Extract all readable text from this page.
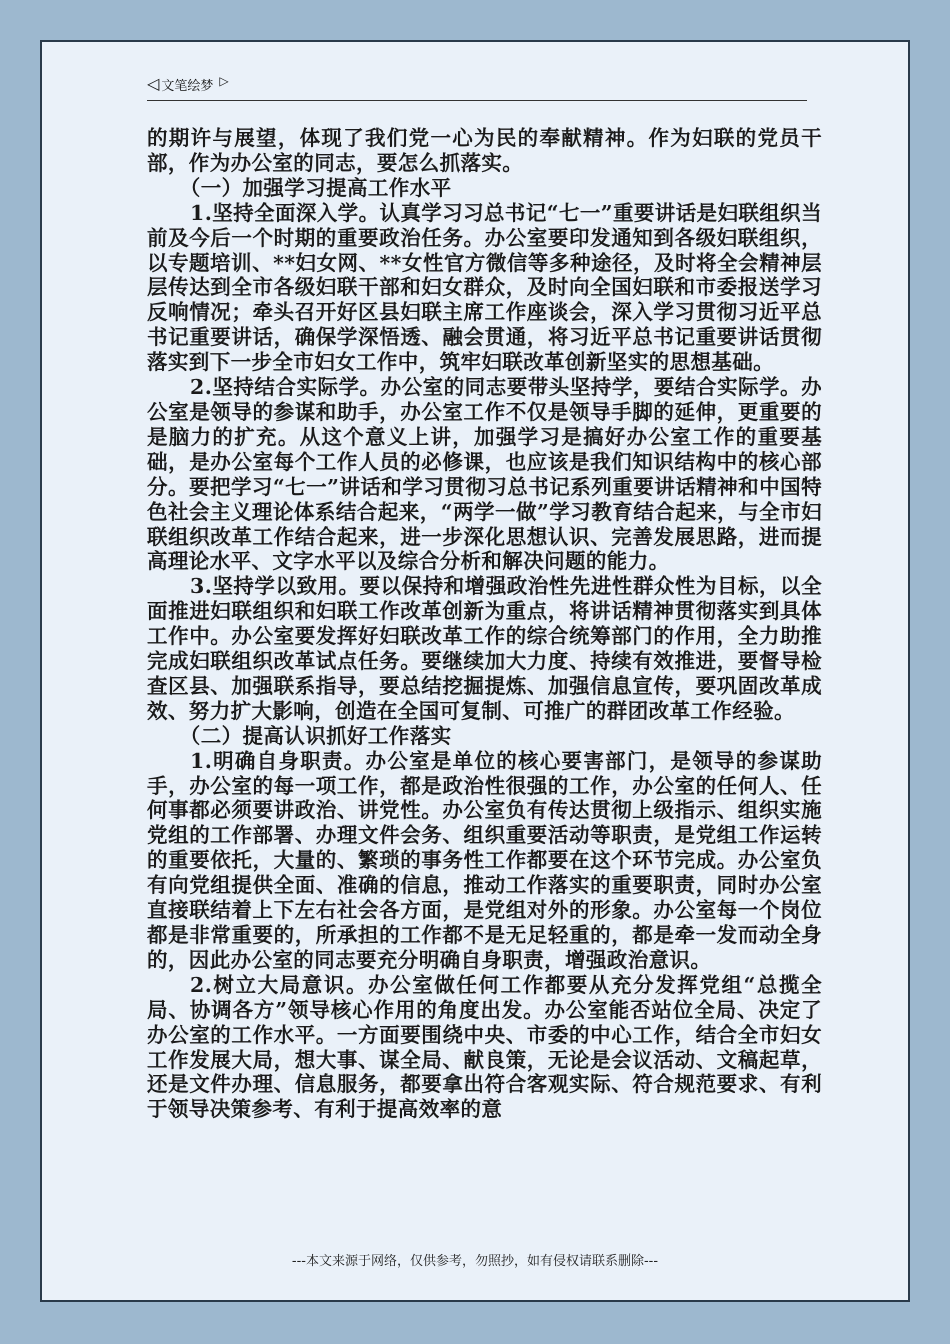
◁ 文笔绘梦 ▷

的期许与展望，体现了我们党一心为民的奉献精神。作为妇联的党员干部，作为办公室的同志，要怎么抓落实。

（一）加强学习提高工作水平

1.坚持全面深入学。认真学习习总书记“七一”重要讲话是妇联组织当前及今后一个时期的重要政治任务。办公室要印发通知到各级妇联组织，以专题培训、**妇女网、**女性官方微信等多种途径，及时将全会精神层层传达到全市各级妇联干部和妇女群众，及时向全国妇联和市委报送学习反响情况；牵头召开好区县妇联主席工作座谈会，深入学习贯彻习近平总书记重要讲话，确保学深悟透、融会贯通，将习近平总书记重要讲话贯彻落实到下一步全市妇女工作中，筑牢妇联改革创新坚实的思想基础。

2.坚持结合实际学。办公室的同志要带头坚持学，要结合实际学。办公室是领导的参谋和助手，办公室工作不仅是领导手脚的延伸，更重要的是脑力的扩充。从这个意义上讲，加强学习是搞好办公室工作的重要基础，是办公室每个工作人员的必修课，也应该是我们知识结构中的核心部分。要把学习“七一”讲话和学习贯彻习总书记系列重要讲话精神和中国特色社会主义理论体系结合起来，“两学一做”学习教育结合起来，与全市妇联组织改革工作结合起来，进一步深化思想认识、完善发展思路，进而提高理论水平、文字水平以及综合分析和解决问题的能力。

3.坚持学以致用。要以保持和增强政治性先进性群众性为目标，以全面推进妇联组织和妇联工作改革创新为重点，将讲话精神贯彻落实到具体工作中。办公室要发挥好妇联改革工作的综合统筹部门的作用，全力助推完成妇联组织改革试点任务。要继续加大力度、持续有效推进，要督导检查区县、加强联系指导，要总结挖掘提炼、加强信息宣传，要巩固改革成效、努力扩大影响，创造在全国可复制、可推广的群团改革工作经验。

（二）提高认识抓好工作落实

1.明确自身职责。办公室是单位的核心要害部门，是领导的参谋助手，办公室的每一项工作，都是政治性很强的工作，办公室的任何人、任何事都必须要讲政治、讲党性。办公室负有传达贯彻上级指示、组织实施党组的工作部署、办理文件会务、组织重要活动等职责，是党组工作运转的重要依托，大量的、繁琐的事务性工作都要在这个环节完成。办公室负有向党组提供全面、准确的信息，推动工作落实的重要职责，同时办公室直接联结着上下左右社会各方面，是党组对外的形象。办公室每一个岗位都是非常重要的，所承担的工作都不是无足轻重的，都是牵一发而动全身的，因此办公室的同志要充分明确自身职责，增强政治意识。

2.树立大局意识。办公室做任何工作都要从充分发挥党组“总揽全局、协调各方”领导核心作用的角度出发。办公室能否站位全局、决定了办公室的工作水平。一方面要围绕中央、市委的中心工作，结合全市妇女工作发展大局，想大事、谋全局、献良策，无论是会议活动、文稿起草，还是文件办理、信息服务，都要拿出符合客观实际、符合规范要求、有利于领导决策参考、有利于提高效率的意

---本文来源于网络，仅供参考，勿照抄，如有侵权请联系删除---
